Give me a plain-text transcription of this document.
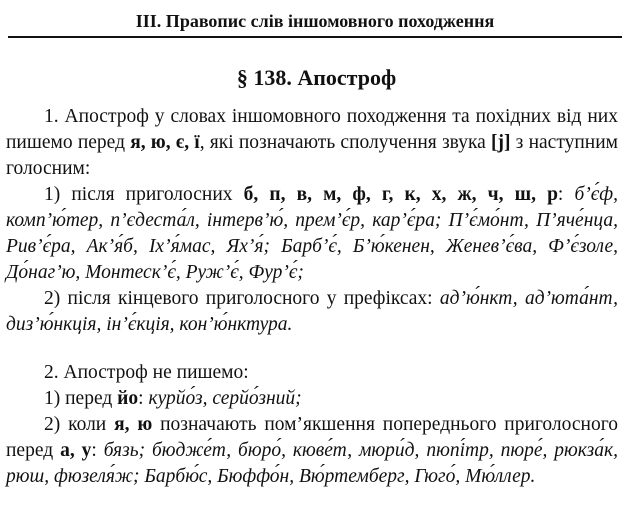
III. Правопис слів іншомовного походження
§ 138. Апостроф

1. Апостроф у словах іншомовного походження та похідних від них пишемо перед я, ю, є, ї, які позначають сполучення звука [j] з наступним голосним:

1) після приголосних б, п, в, м, ф, г, к, х, ж, ч, ш, р: б’є́ф, комп’ю́тер, п’єдеста́л, інтерв’ю́, прем’є́р, кар’є́ра; П’є́мо́нт, П’яче́нца, Рив’є́ра, Ак’я́б, Іх’я́мас, Ях’я́; Барб’є́, Б’ю́кенен, Женев’є́ва, Ф’є́золе, До́наг’ю, Монтеск’є́, Руж’є́, Фур’є́;

2) після кінцевого приголосного у префіксах: ад’ю́нкт, ад’юта́нт, диз’ю́нкція, ін’є́кція, кон’ю́нктура.

2. Апостроф не пишемо:

1) перед йо: курйо́з, серйо́зний;

2) коли я, ю позначають пом’якшення попереднього приголосного перед а, у: бязь; бюдже́т, бюро́, кюве́т, мюри́д, пюпі́тр, пюре́, рюкза́к, рюш, фюзеля́ж; Барбю́с, Бюффо́н, Вю́ртемберг, Гюго́, Мю́ллер.
